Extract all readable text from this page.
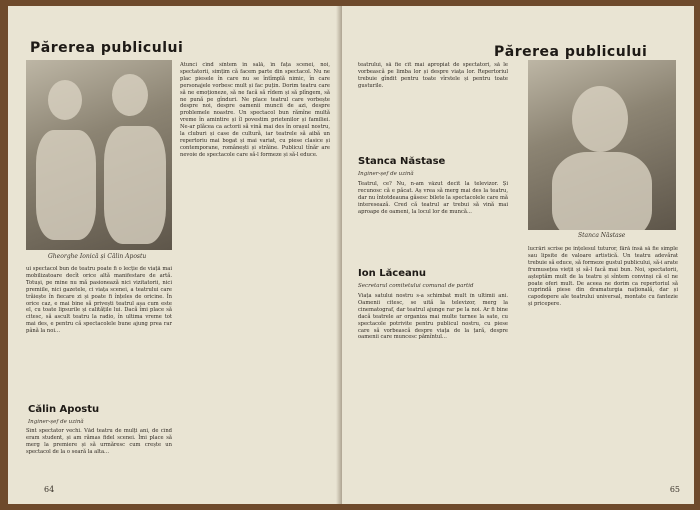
Părerea publicului
Gheorghe Ionică și Călin Apostu
ui spectacol bun de teatru poate fi o lecție de viață mai mobilizatoare decît orice altă manifestare de artă. Totuși, pe mine nu mă pasionează nici vizitatorii, nici premiile, nici gazetele, ci viața scenei, a teatrului care trăiește în fiecare zi și poate fi înțeles de oricine. În orice caz, e mai bine să privești teatrul așa cum este el, cu toate lipsurile și calitățile lui. Dacă îmi place să citesc, să ascult teatru la radio, în ultima vreme tot mai des, e pentru că spectacolele bune ajung prea rar până la noi...
Atunci cînd sîntem în sală, în fața scenei, noi, spectatorii, simțim că facem parte din spectacol. Nu ne plac piesele în care nu se întîmplă nimic, în care personajele vorbesc mult și fac puțin. Dorim teatru care să ne emoționeze, să ne facă să rîdem și să plîngem, să ne pună pe gînduri. Ne place teatrul care vorbește despre noi, despre oamenii muncii de azi, despre problemele noastre. Un spectacol bun rămîne multă vreme în amintire și îl povestim prietenilor și familiei. Ne-ar plăcea ca actorii să vină mai des în orașul nostru, la cluburi și case de cultură, iar teatrele să aibă un repertoriu mai bogat și mai variat, cu piese clasice și contemporane, românești și străine. Publicul tînăr are nevoie de spectacole care să-l formeze și să-l educe.
Călin Apostu
Inginer-șef de uzină
Sînt spectator vechi. Văd teatru de mulți ani, de cînd eram student, și am rămas fidel scenei. Îmi place să merg la premiere și să urmăresc cum crește un spectacol de la o seară la alta...
64
Părerea publicului
teatrului, să fie cît mai apropiat de spectatori, să le vorbească pe limba lor și despre viața lor. Repertoriul trebuie gîndit pentru toate vîrstele și pentru toate gusturile.
Stanca Năstase
Inginer-șef de uzină
Teatrul, ce? Nu, n-am văzut decît la televizor. Și recunosc că e păcat. Aș vrea să merg mai des la teatru, dar nu întotdeauna găsesc bilete la spectacolele care mă interesează. Cred că teatrul ar trebui să vină mai aproape de oameni, la locul lor de muncă...
Ion Lăceanu
Secretarul comitetului comunal de partid
Viața satului nostru s-a schimbat mult în ultimii ani. Oamenii citesc, se uită la televizor, merg la cinematograf, dar teatrul ajunge rar pe la noi. Ar fi bine dacă teatrele ar organiza mai multe turnee la sate, cu spectacole potrivite pentru publicul nostru, cu piese care să vorbească despre viața de la țară, despre oamenii care muncesc pămîntul...
Stanca Năstase
lucrări scrise pe înțelesul tuturor, fără însă să fie simple sau lipsite de valoare artistică. Un teatru adevărat trebuie să educe, să formeze gustul publicului, să-i arate frumusețea vieții și să-l facă mai bun. Noi, spectatorii, așteptăm mult de la teatru și sîntem convinși că el ne poate oferi mult. De aceea ne dorim ca repertoriul să cuprindă piese din dramaturgia națională, dar și capodopere ale teatrului universal, montate cu fantezie și pricepere.
65
